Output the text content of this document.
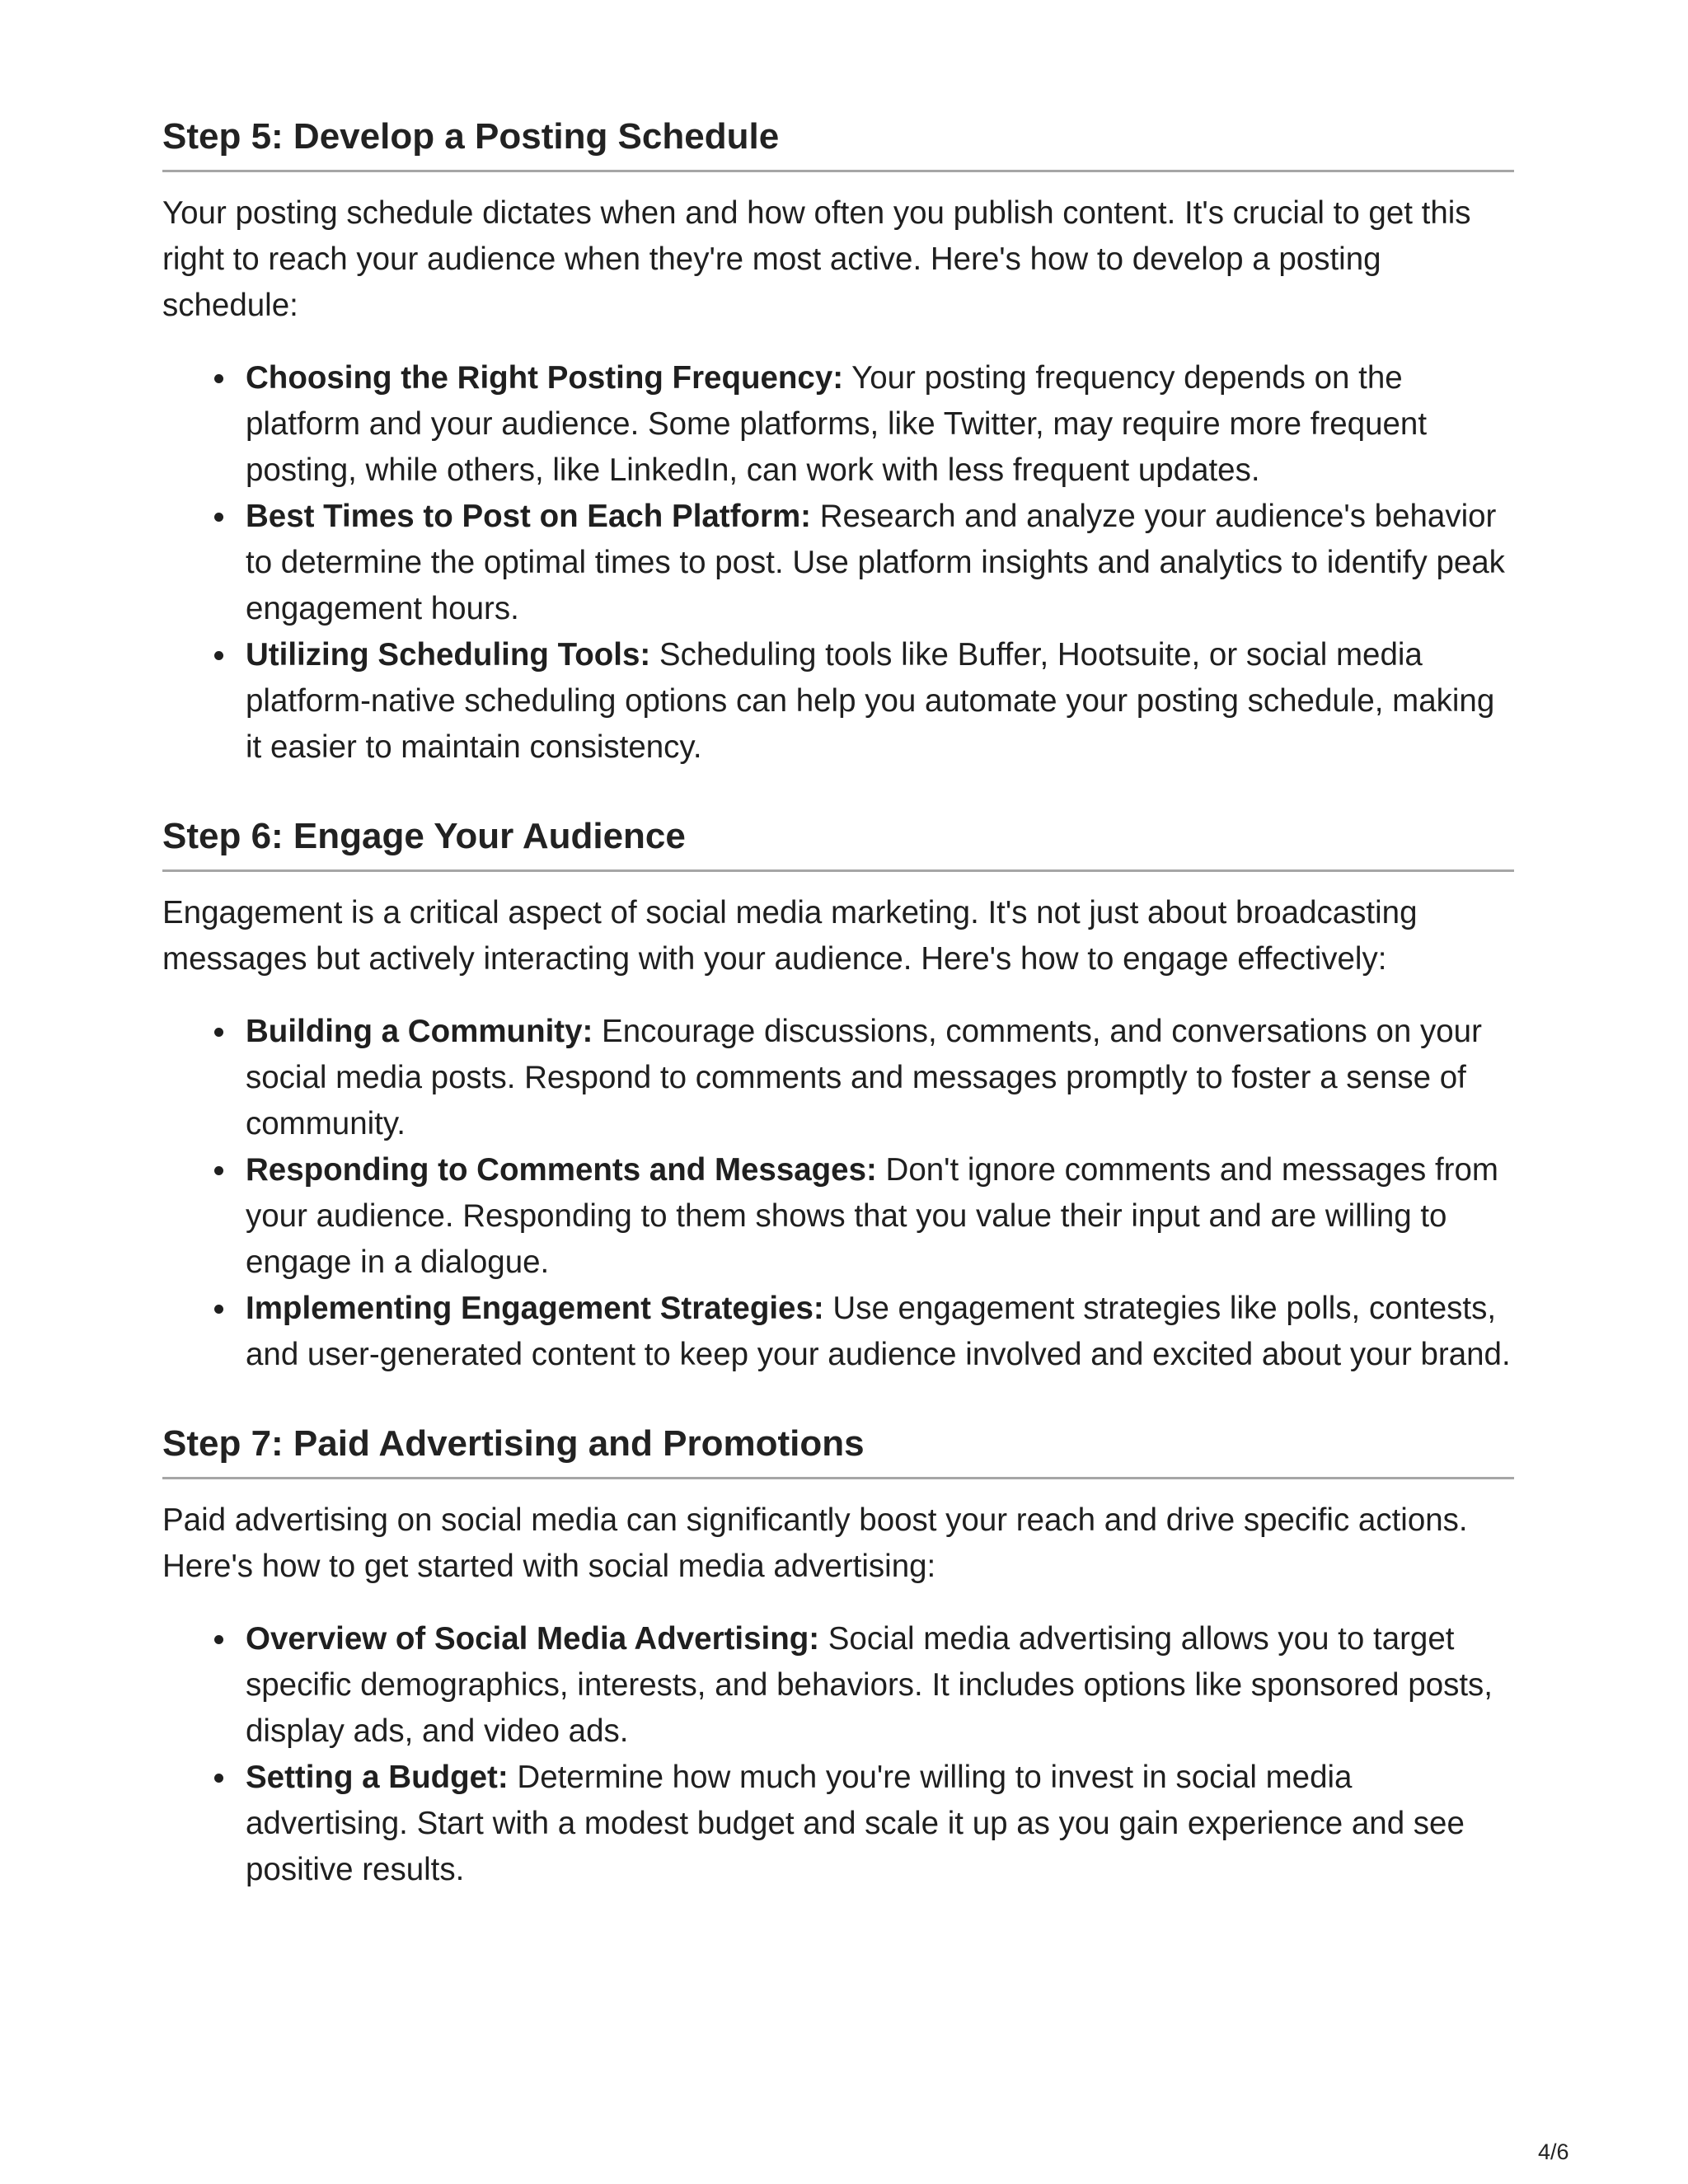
Step 5: Develop a Posting Schedule

Your posting schedule dictates when and how often you publish content. It's crucial to get this right to reach your audience when they're most active. Here's how to develop a posting schedule:

Choosing the Right Posting Frequency: Your posting frequency depends on the platform and your audience. Some platforms, like Twitter, may require more frequent posting, while others, like LinkedIn, can work with less frequent updates.
Best Times to Post on Each Platform: Research and analyze your audience's behavior to determine the optimal times to post. Use platform insights and analytics to identify peak engagement hours.
Utilizing Scheduling Tools: Scheduling tools like Buffer, Hootsuite, or social media platform-native scheduling options can help you automate your posting schedule, making it easier to maintain consistency.
Step 6: Engage Your Audience

Engagement is a critical aspect of social media marketing. It's not just about broadcasting messages but actively interacting with your audience. Here's how to engage effectively:

Building a Community: Encourage discussions, comments, and conversations on your social media posts. Respond to comments and messages promptly to foster a sense of community.
Responding to Comments and Messages: Don't ignore comments and messages from your audience. Responding to them shows that you value their input and are willing to engage in a dialogue.
Implementing Engagement Strategies: Use engagement strategies like polls, contests, and user-generated content to keep your audience involved and excited about your brand.
Step 7: Paid Advertising and Promotions

Paid advertising on social media can significantly boost your reach and drive specific actions. Here's how to get started with social media advertising:

Overview of Social Media Advertising: Social media advertising allows you to target specific demographics, interests, and behaviors. It includes options like sponsored posts, display ads, and video ads.
Setting a Budget: Determine how much you're willing to invest in social media advertising. Start with a modest budget and scale it up as you gain experience and see positive results.
4/6
